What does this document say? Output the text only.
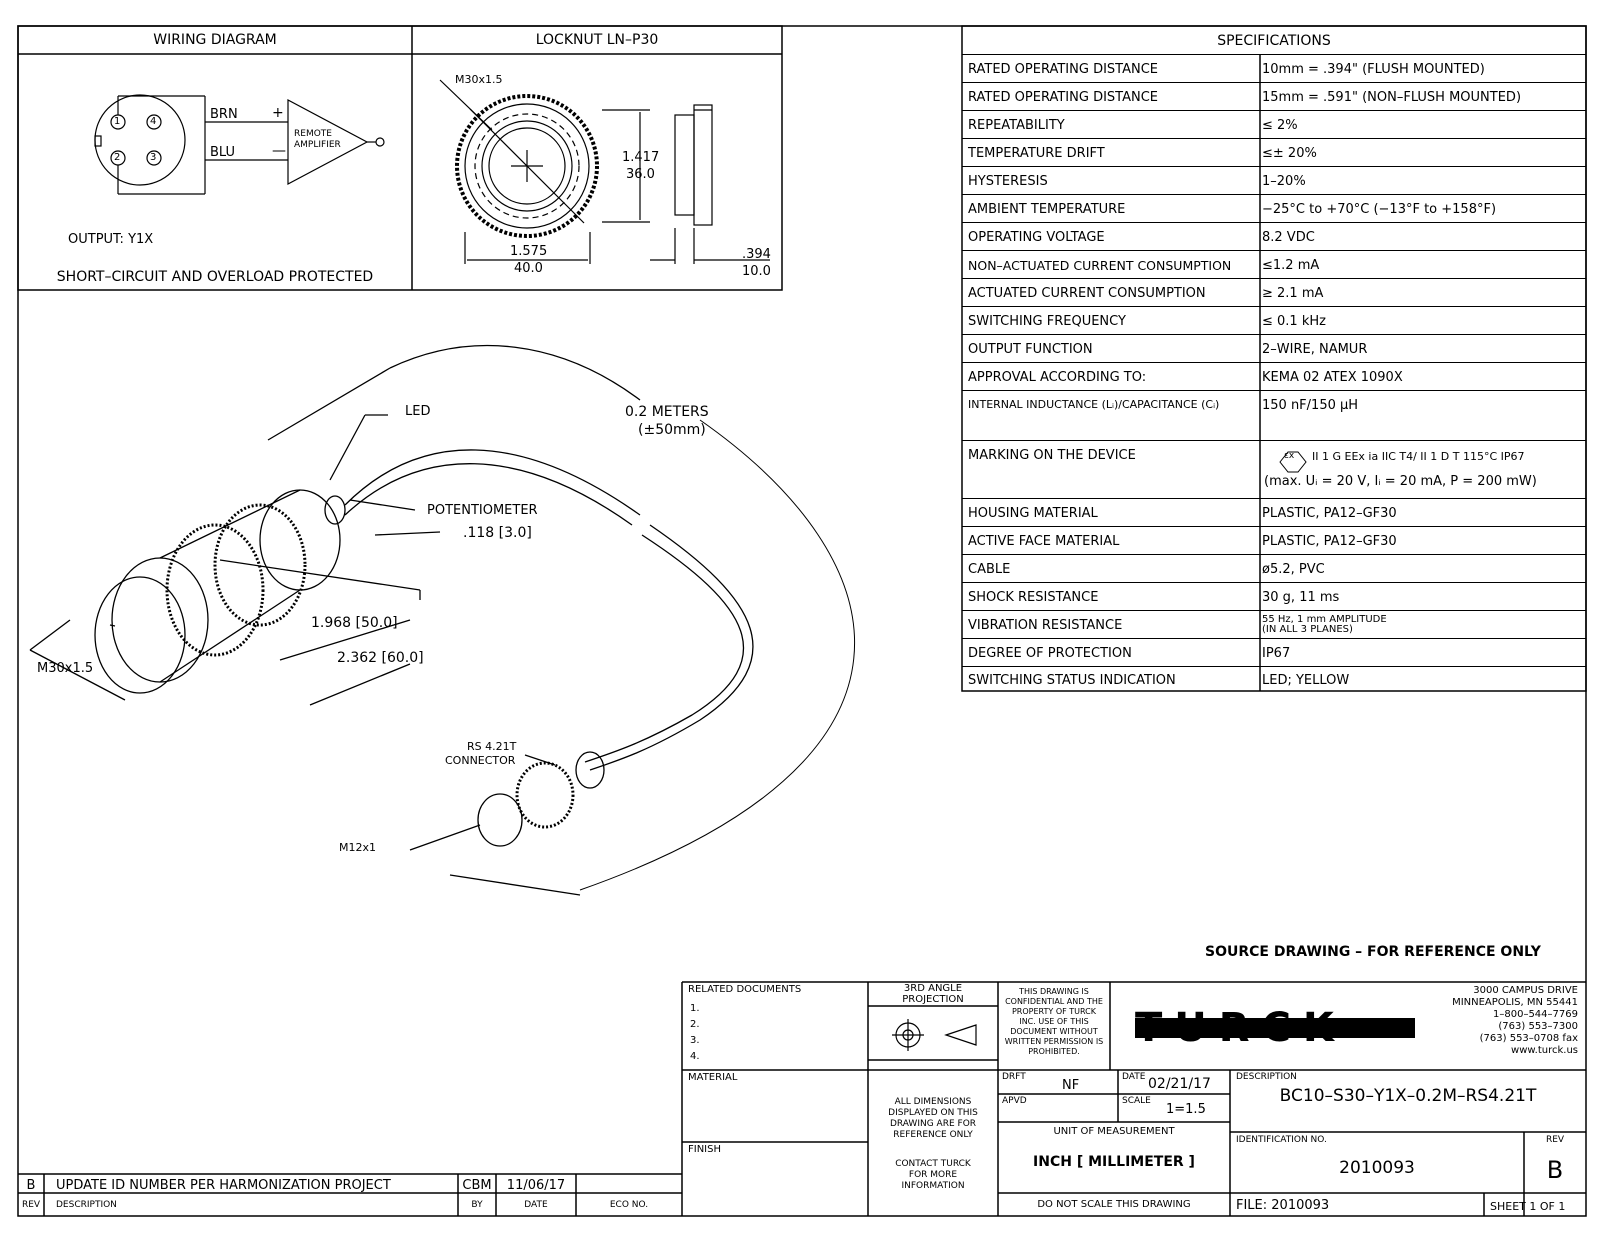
WIRING DIAGRAM
1	4
2	3
BRN
BLU
+
—
REMOTE
AMPLIFIER
OUTPUT: Y1X
SHORT–CIRCUIT AND OVERLOAD PROTECTED
LOCKNUT LN–P30
M30x1.5
1.417
36.0
1.575
40.0
.394
10.0
SPECIFICATIONS
RATED OPERATING DISTANCE	10mm = .394" (FLUSH MOUNTED)
RATED OPERATING DISTANCE	15mm = .591" (NON–FLUSH MOUNTED)
REPEATABILITY	≤ 2%
TEMPERATURE DRIFT	≤± 20%
HYSTERESIS	1–20%
AMBIENT TEMPERATURE	−25°C to +70°C (−13°F to +158°F)
OPERATING VOLTAGE	8.2 VDC
NON–ACTUATED CURRENT CONSUMPTION ≤1.2 mA
ACTUATED CURRENT CONSUMPTION	≥ 2.1 mA
SWITCHING FREQUENCY	≤ 0.1 kHz
OUTPUT FUNCTION	2–WIRE, NAMUR
APPROVAL ACCORDING TO:	KEMA 02 ATEX 1090X
INTERNAL INDUCTANCE (Lᵢ)/CAPACITANCE (Cᵢ)	150 nF/150 µH
MARKING ON THE DEVICE	εx II 1 G EEx ia IIC T4/ II 1 D T 115°C IP67
(max. Uᵢ = 20 V, Iᵢ = 20 mA, P = 200 mW)
HOUSING MATERIAL	PLASTIC, PA12–GF30
ACTIVE FACE MATERIAL	PLASTIC, PA12–GF30
CABLE	ø5.2, PVC
SHOCK RESISTANCE	30 g, 11 ms
VIBRATION RESISTANCE	55 Hz, 1 mm AMPLITUDE
(IN ALL 3 PLANES)
DEGREE OF PROTECTION	IP67
SWITCHING STATUS INDICATION	LED; YELLOW
LED	0.2 METERS
(±50mm)
POTENTIOMETER
.118 [3.0]
1.968 [50.0]
2.362 [60.0]
M30x1.5
RS 4.21T
CONNECTOR
M12x1
SOURCE DRAWING – FOR REFERENCE ONLY
RELATED DOCUMENTS
1.
2.
3.
4.
MATERIAL
FINISH
3RD ANGLE
PROJECTION
ALL DIMENSIONS
DISPLAYED ON THIS
DRAWING ARE FOR
REFERENCE ONLY
CONTACT TURCK
FOR MORE
INFORMATION
THIS DRAWING IS
CONFIDENTIAL AND THE
PROPERTY OF TURCK
INC. USE OF THIS
DOCUMENT WITHOUT
WRITTEN PERMISSION IS
PROHIBITED.
TURCK
3000 CAMPUS DRIVE
MINNEAPOLIS, MN 55441
1–800–544–7769
(763) 553–7300
(763) 553–0708 fax
www.turck.us
DRFT
NF
DATE 02/21/17
APVD	SCALE
1=1.5
UNIT OF MEASUREMENT
INCH [ MILLIMETER ]
DO NOT SCALE THIS DRAWING
DESCRIPTION
BC10–S30–Y1X–0.2M–RS4.21T
IDENTIFICATION NO.
2010093
REV
B
FILE: 2010093	SHEET 1 OF 1
B	UPDATE ID NUMBER PER HARMONIZATION PROJECT	CBM	11/06/17
REV	DESCRIPTION	BY	DATE	ECO NO.
